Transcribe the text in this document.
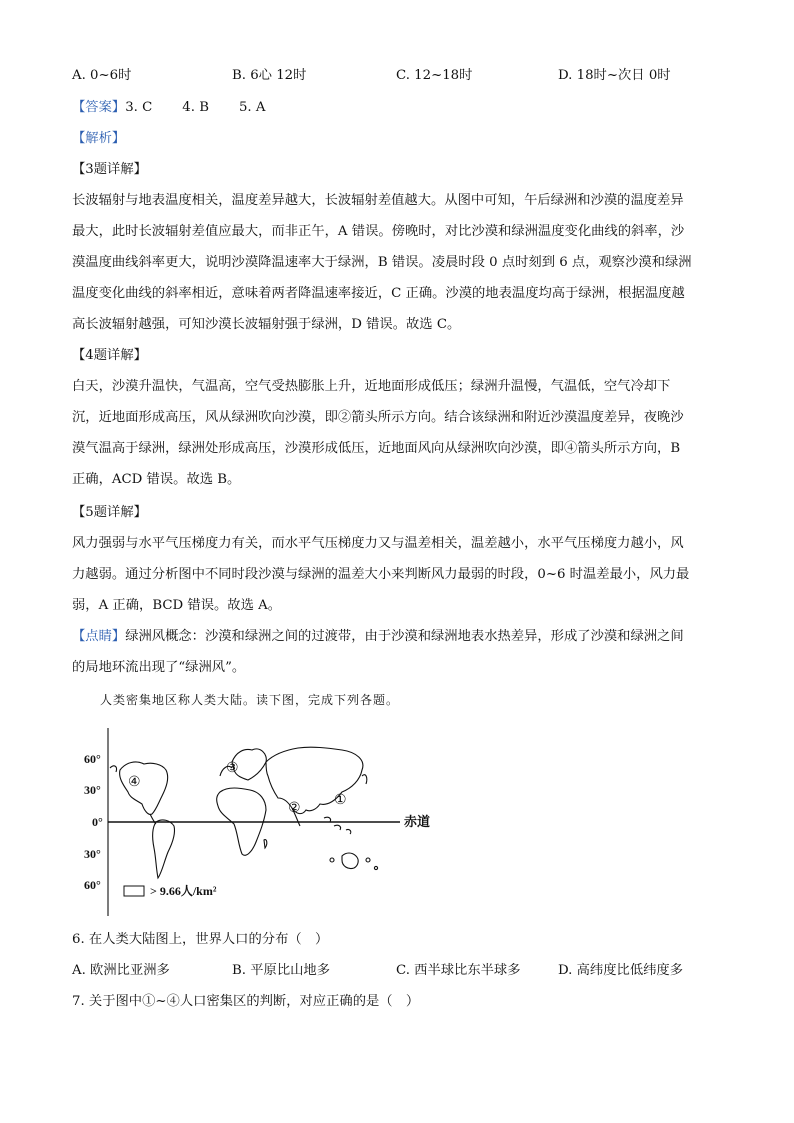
A. 0~6时	B. 6心 12时	C. 12~18时	D. 18时~次日 0时
【答案】3. C 4. B 5. A
【解析】
【3题详解】
长波辐射与地表温度相关，温度差异越大，长波辐射差值越大。从图中可知，午后绿洲和沙漠的温度差异
最大，此时长波辐射差值应最大，而非正午，A 错误。傍晚时，对比沙漠和绿洲温度变化曲线的斜率，沙
漠温度曲线斜率更大，说明沙漠降温速率大于绿洲，B 错误。凌晨时段 0 点时刻到 6 点，观察沙漠和绿洲
温度变化曲线的斜率相近，意味着两者降温速率接近，C 正确。沙漠的地表温度均高于绿洲，根据温度越
高长波辐射越强，可知沙漠长波辐射强于绿洲，D 错误。故选 C。
【4题详解】
白天，沙漠升温快，气温高，空气受热膨胀上升，近地面形成低压；绿洲升温慢，气温低，空气冷却下
沉，近地面形成高压，风从绿洲吹向沙漠，即②箭头所示方向。结合该绿洲和附近沙漠温度差异，夜晚沙
漠气温高于绿洲，绿洲处形成高压，沙漠形成低压，近地面风向从绿洲吹向沙漠，即④箭头所示方向，B
正确，ACD 错误。故选 B。
【5题详解】
风力强弱与水平气压梯度力有关，而水平气压梯度力又与温差相关，温差越小，水平气压梯度力越小，风
力越弱。通过分析图中不同时段沙漠与绿洲的温差大小来判断风力最弱的时段，0~6 时温差最小，风力最
弱，A 正确，BCD 错误。故选 A。
【点睛】绿洲风概念：沙漠和绿洲之间的过渡带，由于沙漠和绿洲地表水热差异，形成了沙漠和绿洲之间
的局地环流出现了“绿洲风”。
人类密集地区称人类大陆。读下图，完成下列各题。
④
③
②
①
60°
30°
0°
30°
60°
赤道
> 9.66人/km²
6. 在人类大陆图上，世界人口的分布（　）
A. 欧洲比亚洲多	B. 平原比山地多	C. 西半球比东半球多	D. 高纬度比低纬度多
7. 关于图中①~④人口密集区的判断，对应正确的是（　）
